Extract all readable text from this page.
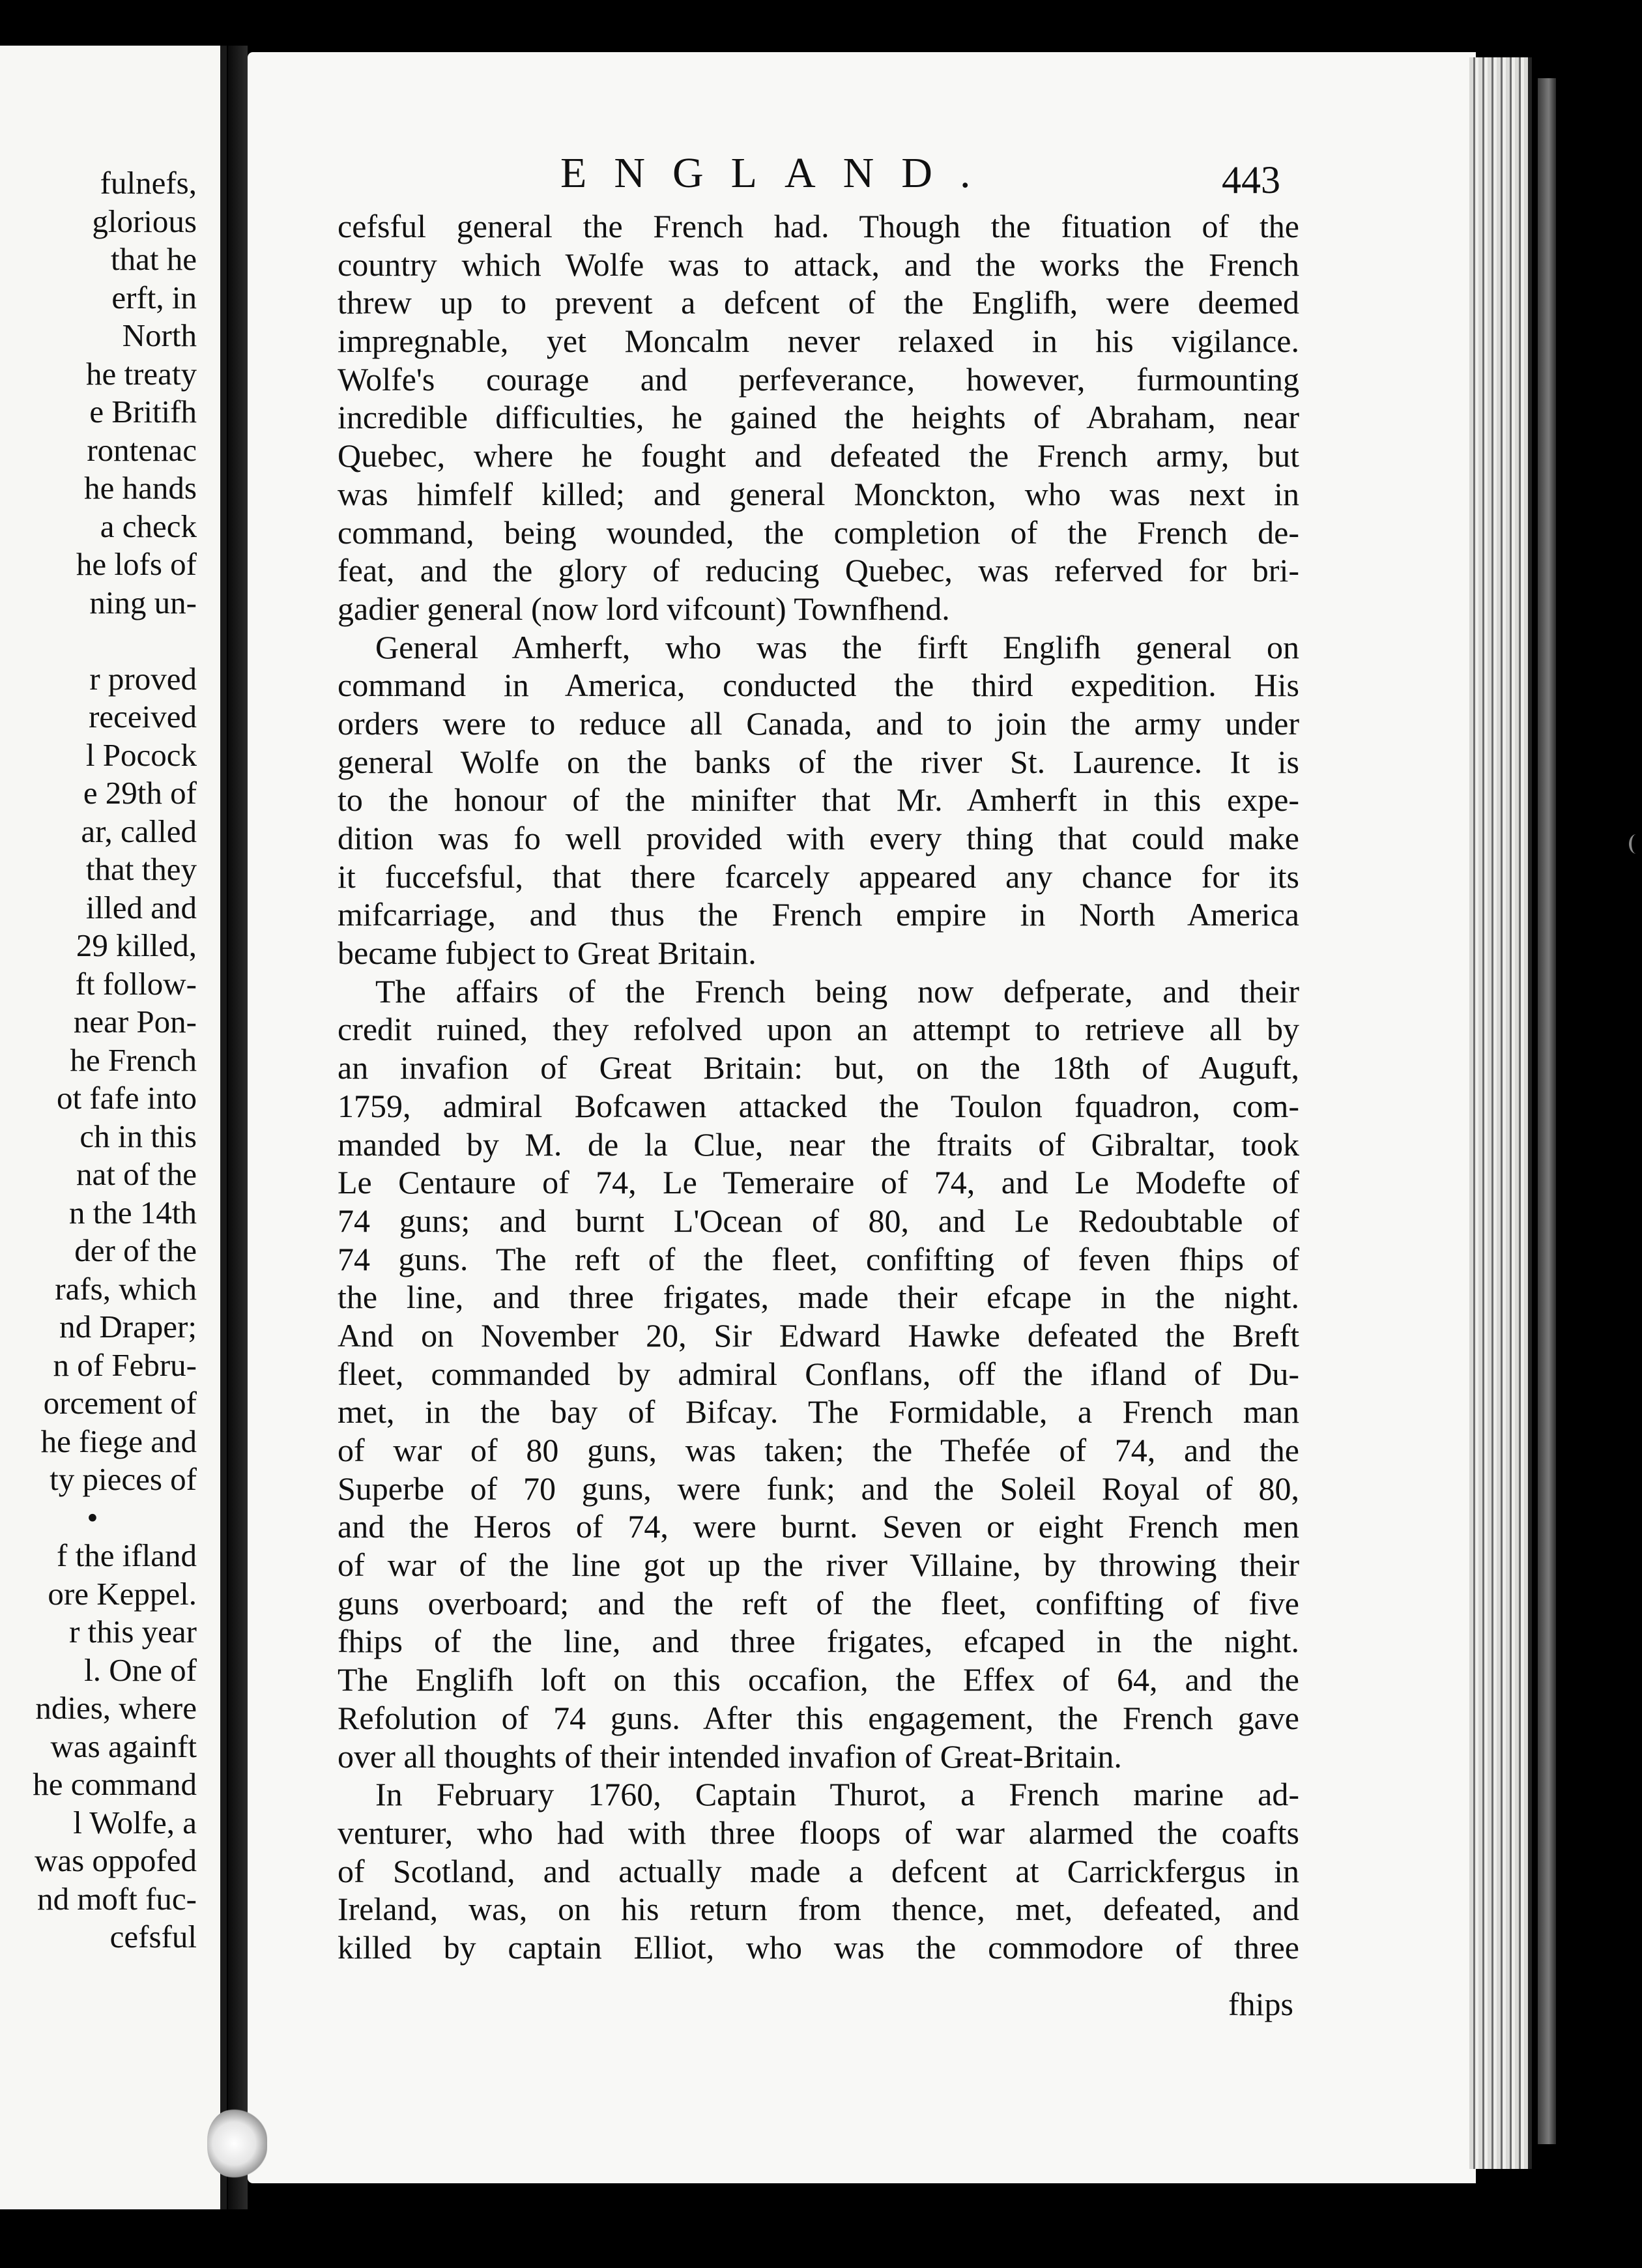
fulnefs,
glorious
that he
erft, in
North
he treaty
e Britifh
rontenac
he hands
a check
he lofs of
ning un-
r proved
received
l Pocock
e 29th of
ar, called
that they
illed and
29 killed,
ft follow-
near Pon-
he French
ot fafe into
ch in this
nat of the
n the 14th
der of the
rafs, which
nd Draper;
n of Febru-
orcement of
he fiege and
ty pieces of
•
f the ifland
ore Keppel.
r this year
l. One of
ndies, where
was againft
he command
l Wolfe, a
was oppofed
nd moft fuc-
cefsful
ENGLAND.	443
cefsful general the French had. Though the fituation of the
country which Wolfe was to attack, and the works the French
threw up to prevent a defcent of the Englifh, were deemed
impregnable, yet Moncalm never relaxed in his vigilance.
Wolfe's courage and perfeverance, however, furmounting
incredible difficulties, he gained the heights of Abraham, near
Quebec, where he fought and defeated the French army, but
was himfelf killed; and general Monckton, who was next in
command, being wounded, the completion of the French de-
feat, and the glory of reducing Quebec, was referved for bri-
gadier general (now lord vifcount) Townfhend.
General Amherft, who was the firft Englifh general on
command in America, conducted the third expedition. His
orders were to reduce all Canada, and to join the army under
general Wolfe on the banks of the river St. Laurence. It is
to the honour of the minifter that Mr. Amherft in this expe-
dition was fo well provided with every thing that could make
it fuccefsful, that there fcarcely appeared any chance for its
mifcarriage, and thus the French empire in North America
became fubject to Great Britain.
The affairs of the French being now defperate, and their
credit ruined, they refolved upon an attempt to retrieve all by
an invafion of Great Britain: but, on the 18th of Auguft,
1759, admiral Bofcawen attacked the Toulon fquadron, com-
manded by M. de la Clue, near the ftraits of Gibraltar, took
Le Centaure of 74, Le Temeraire of 74, and Le Modefte of
74 guns; and burnt L'Ocean of 80, and Le Redoubtable of
74 guns. The reft of the fleet, confifting of feven fhips of
the line, and three frigates, made their efcape in the night.
And on November 20, Sir Edward Hawke defeated the Breft
fleet, commanded by admiral Conflans, off the ifland of Du-
met, in the bay of Bifcay. The Formidable, a French man
of war of 80 guns, was taken; the Thefée of 74, and the
Superbe of 70 guns, were funk; and the Soleil Royal of 80,
and the Heros of 74, were burnt. Seven or eight French men
of war of the line got up the river Villaine, by throwing their
guns overboard; and the reft of the fleet, confifting of five
fhips of the line, and three frigates, efcaped in the night.
The Englifh loft on this occafion, the Effex of 64, and the
Refolution of 74 guns. After this engagement, the French gave
over all thoughts of their intended invafion of Great-Britain.
In February 1760, Captain Thurot, a French marine ad-
venturer, who had with three floops of war alarmed the coafts
of Scotland, and actually made a defcent at Carrickfergus in
Ireland, was, on his return from thence, met, defeated, and
killed by captain Elliot, who was the commodore of three
fhips
